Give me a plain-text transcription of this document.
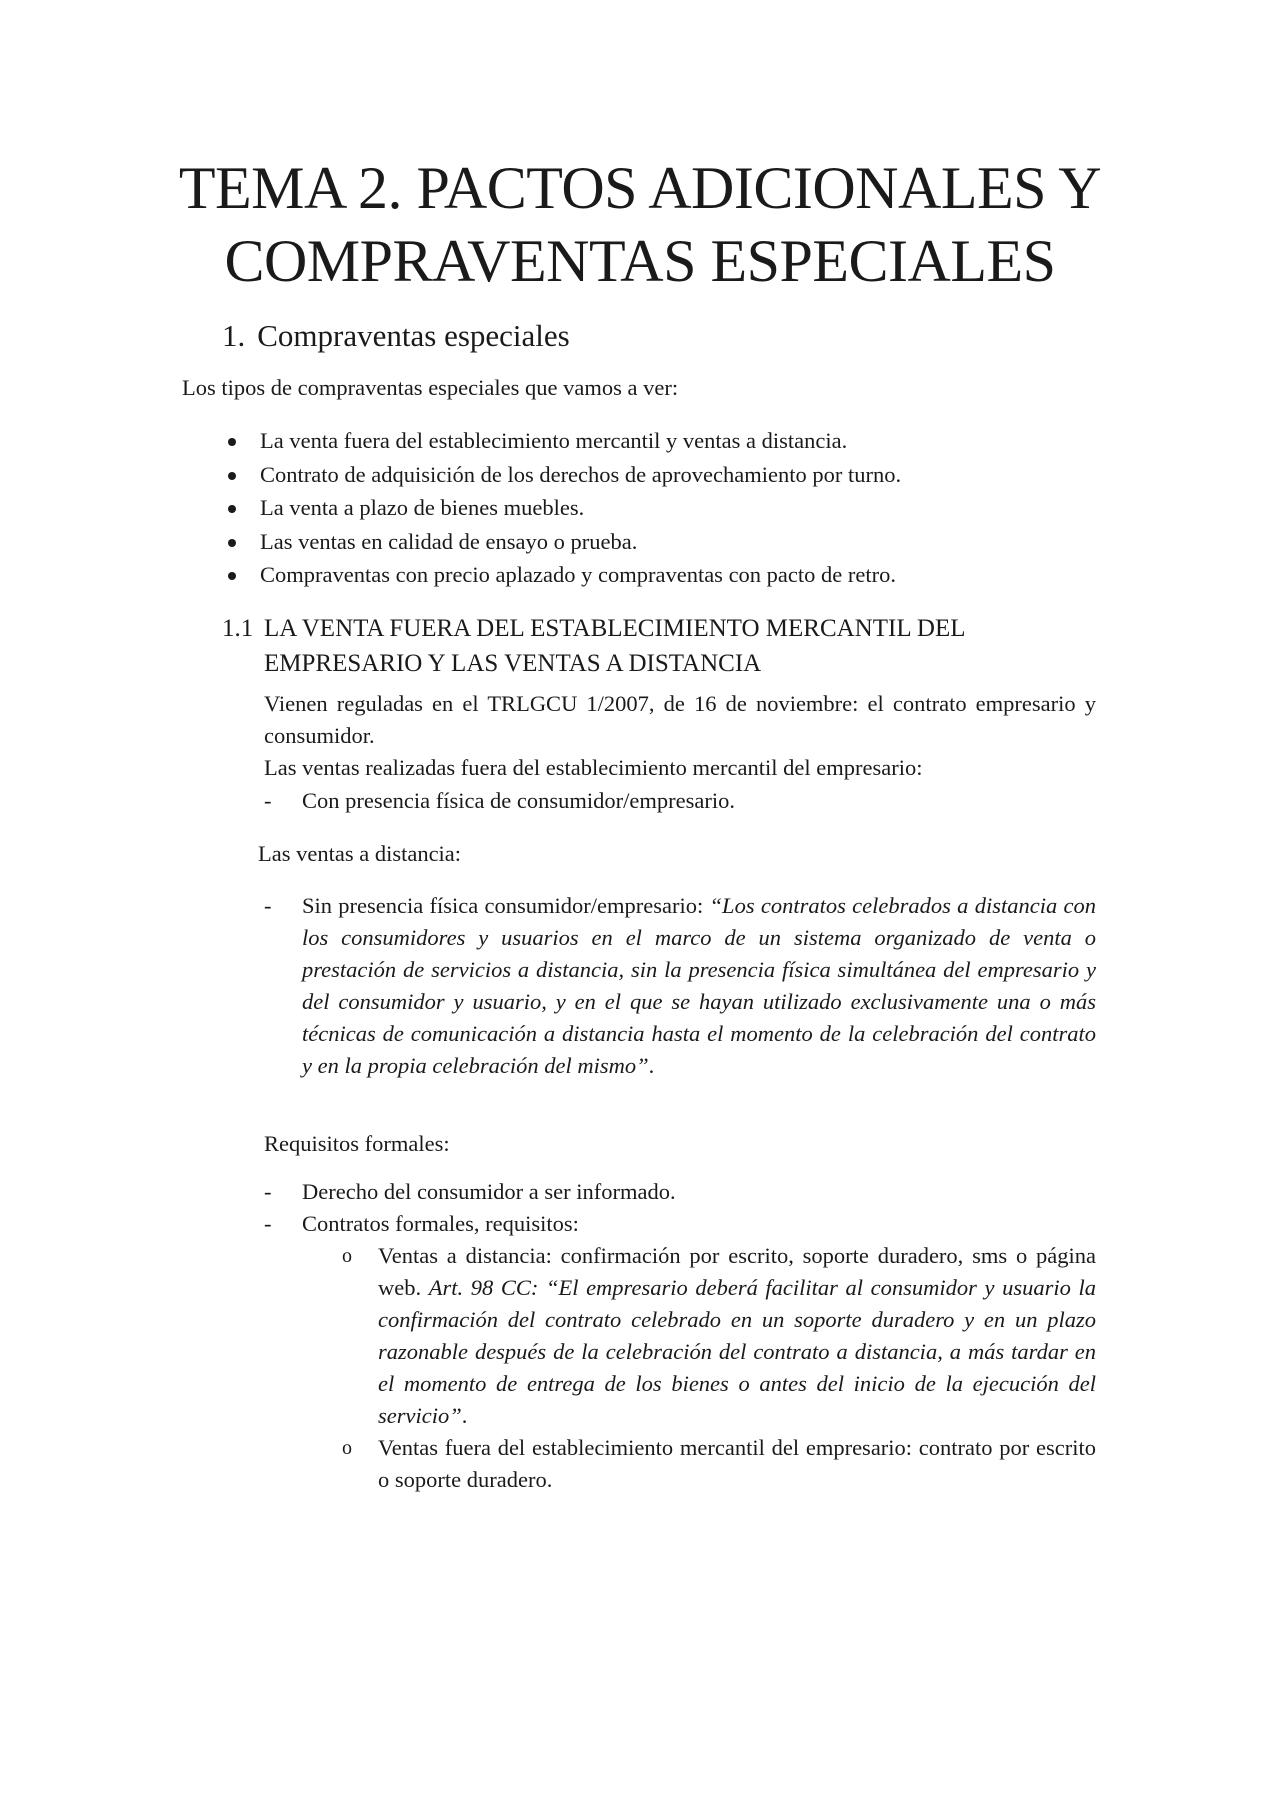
TEMA 2. PACTOS ADICIONALES Y
COMPRAVENTAS ESPECIALES
1. Compraventas especiales

Los tipos de compraventas especiales que vamos a ver:

La venta fuera del establecimiento mercantil y ventas a distancia.
Contrato de adquisición de los derechos de aprovechamiento por turno.
La venta a plazo de bienes muebles.
Las ventas en calidad de ensayo o prueba.
Compraventas con precio aplazado y compraventas con pacto de retro.
1.1 LA VENTA FUERA DEL ESTABLECIMIENTO MERCANTIL DEL
EMPRESARIO Y LAS VENTAS A DISTANCIA

Vienen reguladas en el TRLGCU 1/2007, de 16 de noviembre: el contrato empresario y consumidor.

Las ventas realizadas fuera del establecimiento mercantil del empresario:

-	Con presencia física de consumidor/empresario.

Las ventas a distancia:

-	Sin presencia física consumidor/empresario: “Los contratos celebrados a distancia con los consumidores y usuarios en el marco de un sistema organizado de venta o prestación de servicios a distancia, sin la presencia física simultánea del empresario y del consumidor y usuario, y en el que se hayan utilizado exclusivamente una o más técnicas de comunicación a distancia hasta el momento de la celebración del contrato y en la propia celebración del mismo”.

Requisitos formales:

-	Derecho del consumidor a ser informado.
-	Contratos formales, requisitos:
o	Ventas a distancia: confirmación por escrito, soporte duradero, sms o página web. Art. 98 CC: “El empresario deberá facilitar al consumidor y usuario la confirmación del contrato celebrado en un soporte duradero y en un plazo razonable después de la celebración del contrato a distancia, a más tardar en el momento de entrega de los bienes o antes del inicio de la ejecución del servicio”.
o	Ventas fuera del establecimiento mercantil del empresario: contrato por escrito o soporte duradero.
